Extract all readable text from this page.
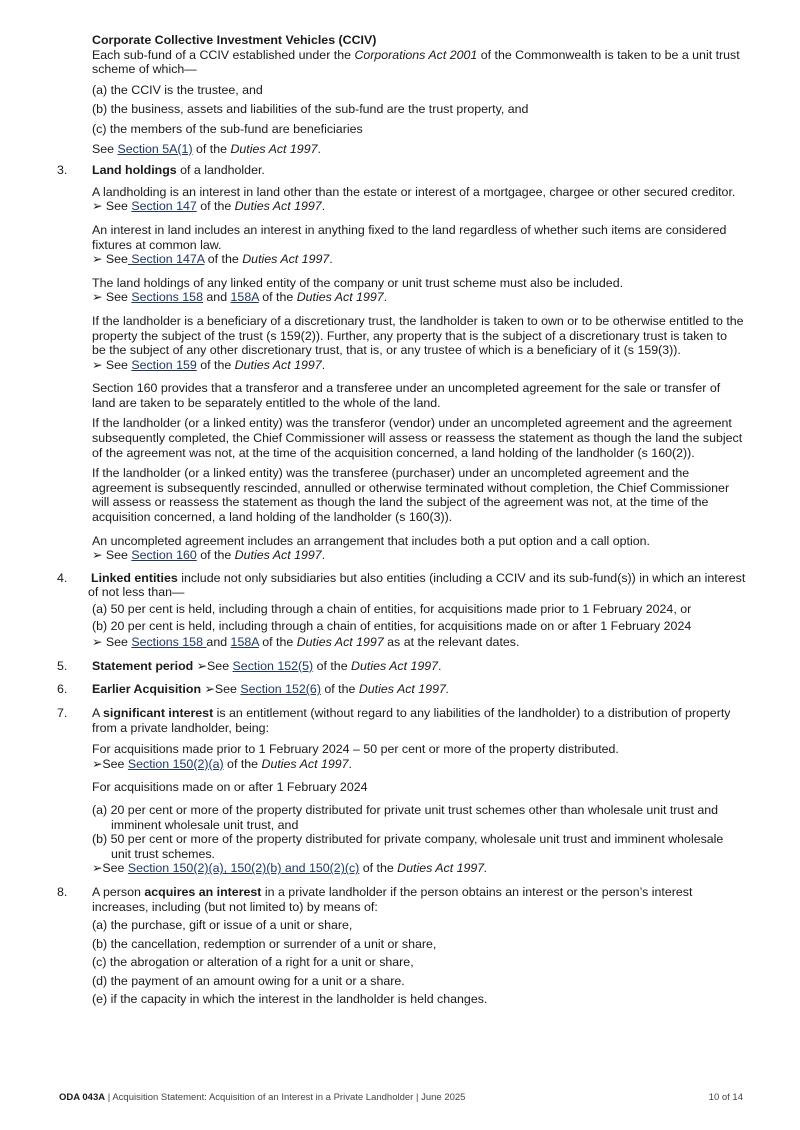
Corporate Collective Investment Vehicles (CCIV)
Each sub-fund of a CCIV established under the Corporations Act 2001 of the Commonwealth is taken to be a unit trust scheme of which—
(a) the CCIV is the trustee, and
(b) the business, assets and liabilities of the sub-fund are the trust property, and
(c) the members of the sub-fund are beneficiaries
See Section 5A(1) of the Duties Act 1997.
3. Land holdings of a landholder.
A landholding is an interest in land other than the estate or interest of a mortgagee, chargee or other secured creditor.
➢ See Section 147 of the Duties Act 1997.
An interest in land includes an interest in anything fixed to the land regardless of whether such items are considered fixtures at common law.
➢ See Section 147A of the Duties Act 1997.
The land holdings of any linked entity of the company or unit trust scheme must also be included.
➢ See Sections 158 and 158A of the Duties Act 1997.
If the landholder is a beneficiary of a discretionary trust, the landholder is taken to own or to be otherwise entitled to the property the subject of the trust (s 159(2)). Further, any property that is the subject of a discretionary trust is taken to be the subject of any other discretionary trust, that is, or any trustee of which is a beneficiary of it (s 159(3)).
➢ See Section 159 of the Duties Act 1997.
Section 160 provides that a transferor and a transferee under an uncompleted agreement for the sale or transfer of land are taken to be separately entitled to the whole of the land.
If the landholder (or a linked entity) was the transferor (vendor) under an uncompleted agreement and the agreement subsequently completed, the Chief Commissioner will assess or reassess the statement as though the land the subject of the agreement was not, at the time of the acquisition concerned, a land holding of the landholder (s 160(2)).
If the landholder (or a linked entity) was the transferee (purchaser) under an uncompleted agreement and the agreement is subsequently rescinded, annulled or otherwise terminated without completion, the Chief Commissioner will assess or reassess the statement as though the land the subject of the agreement was not, at the time of the acquisition concerned, a land holding of the landholder (s 160(3)).
An uncompleted agreement includes an arrangement that includes both a put option and a call option.
➢ See Section 160 of the Duties Act 1997.
4. Linked entities include not only subsidiaries but also entities (including a CCIV and its sub-fund(s)) in which an interest of not less than—
(a) 50 per cent is held, including through a chain of entities, for acquisitions made prior to 1 February 2024, or
(b) 20 per cent is held, including through a chain of entities, for acquisitions made on or after 1 February 2024
➢ See Sections 158 and 158A of the Duties Act 1997 as at the relevant dates.
5. Statement period ➢See Section 152(5) of the Duties Act 1997.
6. Earlier Acquisition ➢See Section 152(6) of the Duties Act 1997.
7. A significant interest is an entitlement (without regard to any liabilities of the landholder) to a distribution of property from a private landholder, being:
For acquisitions made prior to 1 February 2024 – 50 per cent or more of the property distributed.
➢See Section 150(2)(a) of the Duties Act 1997.
For acquisitions made on or after 1 February 2024
(a) 20 per cent or more of the property distributed for private unit trust schemes other than wholesale unit trust and imminent wholesale unit trust, and
(b) 50 per cent or more of the property distributed for private company, wholesale unit trust and imminent wholesale unit trust schemes.
➢See Section 150(2)(a), 150(2)(b) and 150(2)(c) of the Duties Act 1997.
8. A person acquires an interest in a private landholder if the person obtains an interest or the person’s interest increases, including (but not limited to) by means of:
(a) the purchase, gift or issue of a unit or share,
(b) the cancellation, redemption or surrender of a unit or share,
(c) the abrogation or alteration of a right for a unit or share,
(d) the payment of an amount owing for a unit or a share.
(e) if the capacity in which the interest in the landholder is held changes.
ODA 043A | Acquisition Statement: Acquisition of an Interest in a Private Landholder | June 2025	10 of 14
